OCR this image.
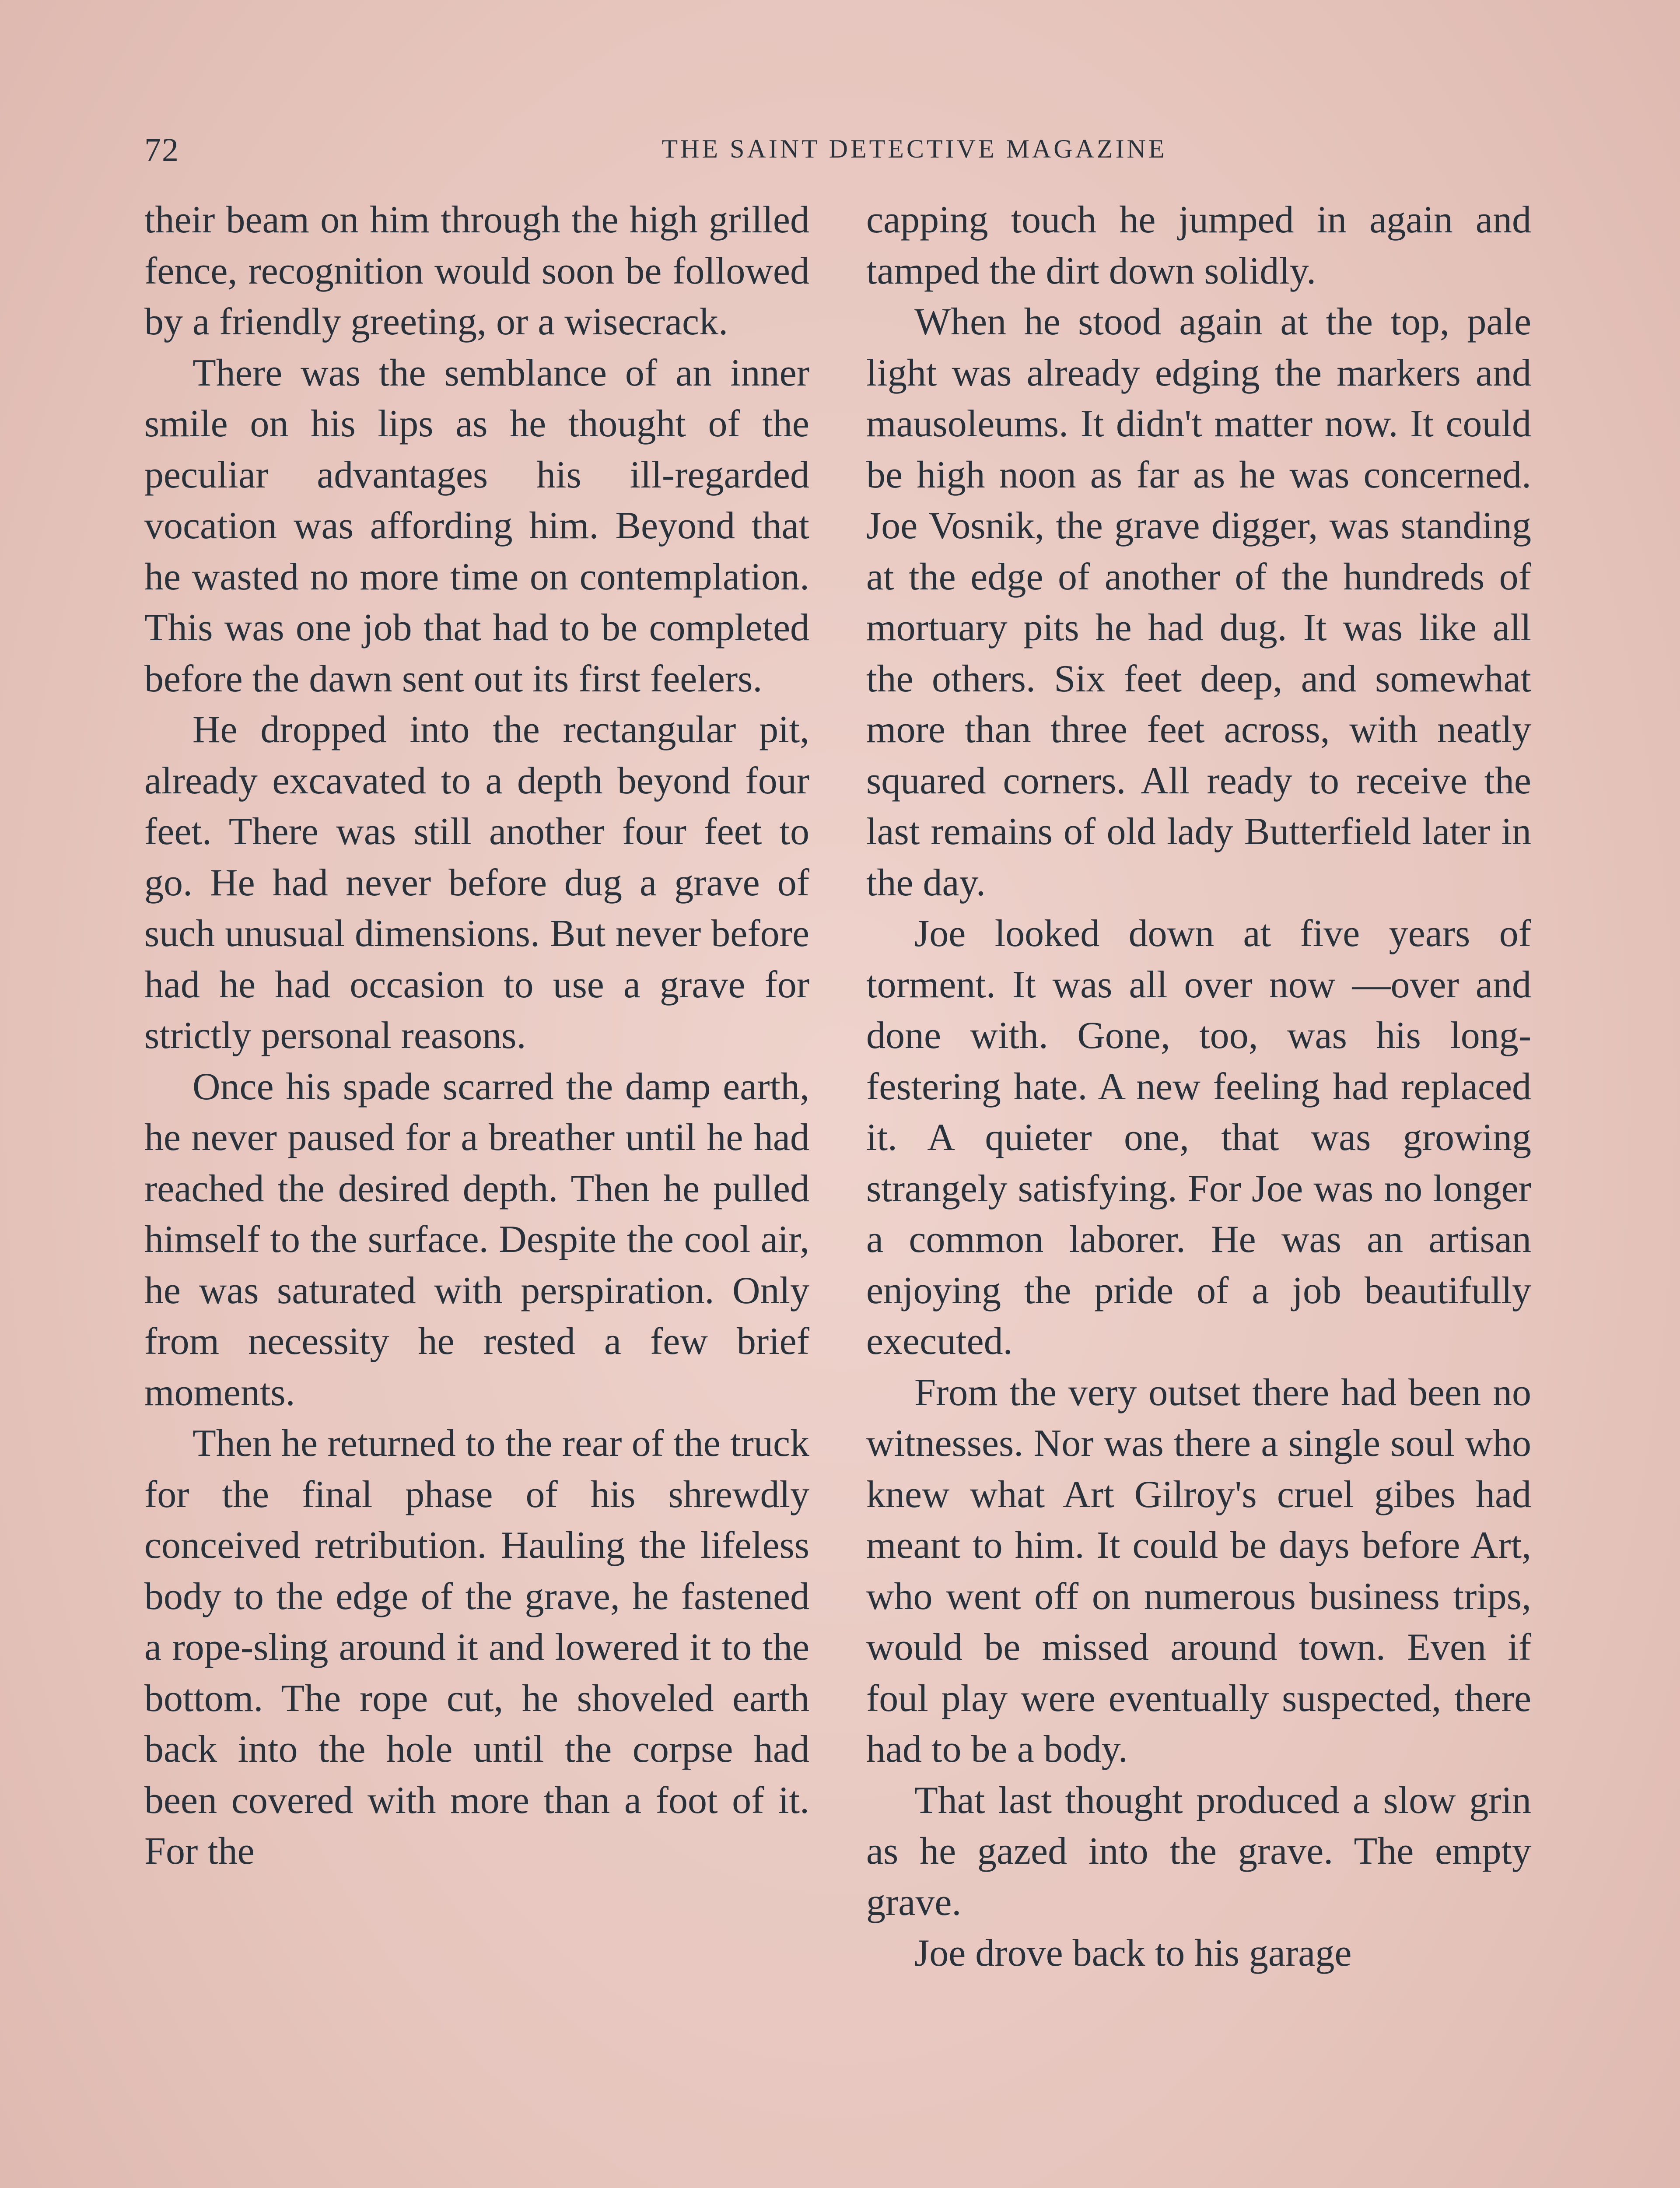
72	THE SAINT DETECTIVE MAGAZINE

their beam on him through the high grilled fence, recognition would soon be followed by a friendly greeting, or a wisecrack.

There was the semblance of an inner smile on his lips as he thought of the peculiar advantages his ill-regarded vocation was affording him. Beyond that he wasted no more time on contemplation. This was one job that had to be completed before the dawn sent out its first feelers.

He dropped into the rectangular pit, already excavated to a depth beyond four feet. There was still another four feet to go. He had never before dug a grave of such unusual dimensions. But never before had he had occasion to use a grave for strictly personal reasons.

Once his spade scarred the damp earth, he never paused for a breather until he had reached the desired depth. Then he pulled himself to the surface. Despite the cool air, he was saturated with perspiration. Only from necessity he rested a few brief moments.

Then he returned to the rear of the truck for the final phase of his shrewdly conceived retribution. Hauling the lifeless body to the edge of the grave, he fastened a rope-sling around it and lowered it to the bottom. The rope cut, he shoveled earth back into the hole until the corpse had been covered with more than a foot of it. For the

capping touch he jumped in again and tamped the dirt down solidly.

When he stood again at the top, pale light was already edging the markers and mausoleums. It didn't matter now. It could be high noon as far as he was concerned. Joe Vosnik, the grave digger, was standing at the edge of another of the hundreds of mortuary pits he had dug. It was like all the others. Six feet deep, and somewhat more than three feet across, with neatly squared corners. All ready to receive the last remains of old lady Butterfield later in the day.

Joe looked down at five years of torment. It was all over now —over and done with. Gone, too, was his long-festering hate. A new feeling had replaced it. A quieter one, that was growing strangely satisfying. For Joe was no longer a common laborer. He was an artisan enjoying the pride of a job beautifully executed.

From the very outset there had been no witnesses. Nor was there a single soul who knew what Art Gilroy's cruel gibes had meant to him. It could be days before Art, who went off on numerous business trips, would be missed around town. Even if foul play were eventually suspected, there had to be a body.

That last thought produced a slow grin as he gazed into the grave. The empty grave.

Joe drove back to his garage
